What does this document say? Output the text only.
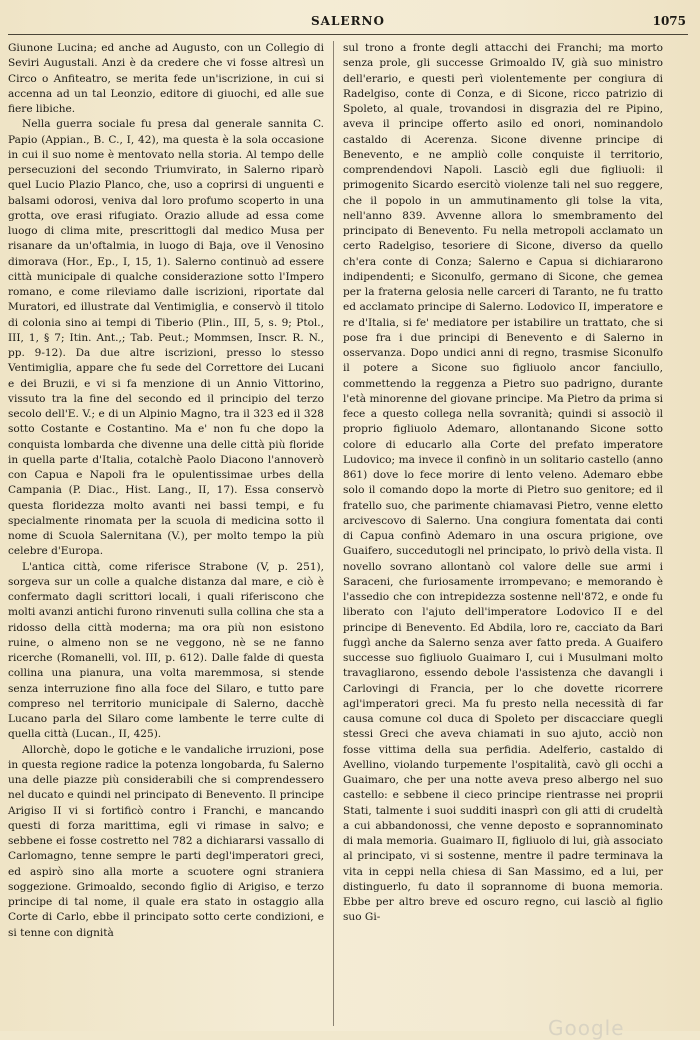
SALERNO	1075

Giunone Lucina; ed anche ad Augusto, con un Collegio di Seviri Augustali. Anzi è da credere che vi fosse altresì un Circo o Anfiteatro, se merita fede un'iscrizione, in cui si accenna ad un tal Leonzio, editore di giuochi, ed alle sue fiere libiche.

Nella guerra sociale fu presa dal generale sannita C. Papio (Appian., B. C., I, 42), ma questa è la sola occasione in cui il suo nome è mentovato nella storia. Al tempo delle persecuzioni del secondo Triumvirato, in Salerno riparò quel Lucio Plazio Planco, che, uso a coprirsi di unguenti e balsami odorosi, veniva dal loro profumo scoperto in una grotta, ove erasi rifugiato. Orazio allude ad essa come luogo di clima mite, prescrittogli dal medico Musa per risanare da un'oftalmia, in luogo di Baja, ove il Venosino dimorava (Hor., Ep., I, 15, 1). Salerno continuò ad essere città municipale di qualche considerazione sotto l'Impero romano, e come rileviamo dalle iscrizioni, riportate dal Muratori, ed illustrate dal Ventimiglia, e conservò il titolo di colonia sino ai tempi di Tiberio (Plin., III, 5, s. 9; Ptol., III, 1, § 7; Itin. Ant.,; Tab. Peut.; Mommsen, Inscr. R. N., pp. 9-12). Da due altre iscrizioni, presso lo stesso Ventimiglia, appare che fu sede del Correttore dei Lucani e dei Bruzii, e vi si fa menzione di un Annio Vittorino, vissuto tra la fine del secondo ed il principio del terzo secolo dell'E. V.; e di un Alpinio Magno, tra il 323 ed il 328 sotto Costante e Costantino. Ma e' non fu che dopo la conquista lombarda che divenne una delle città più floride in quella parte d'Italia, cotalchè Paolo Diacono l'annoverò con Capua e Napoli fra le opulentissimae urbes della Campania (P. Diac., Hist. Lang., II, 17). Essa conservò questa floridezza molto avanti nei bassi tempi, e fu specialmente rinomata per la scuola di medicina sotto il nome di Scuola Salernitana (V.), per molto tempo la più celebre d'Europa.

L'antica città, come riferisce Strabone (V, p. 251), sorgeva sur un colle a qualche distanza dal mare, e ciò è confermato dagli scrittori locali, i quali riferiscono che molti avanzi antichi furono rinvenuti sulla collina che sta a ridosso della città moderna; ma ora più non esistono ruine, o almeno non se ne veggono, nè se ne fanno ricerche (Romanelli, vol. III, p. 612). Dalle falde di questa collina una pianura, una volta maremmosa, si stende senza interruzione fino alla foce del Silaro, e tutto pare compreso nel territorio municipale di Salerno, dacchè Lucano parla del Silaro come lambente le terre culte di quella città (Lucan., II, 425).

Allorchè, dopo le gotiche e le vandaliche irruzioni, pose in questa regione radice la potenza longobarda, fu Salerno una delle piazze più considerabili che si comprendessero nel ducato e quindi nel principato di Benevento. Il principe Arigiso II vi si fortificò contro i Franchi, e mancando questi di forza marittima, egli vi rimase in salvo; e sebbene ei fosse costretto nel 782 a dichiararsi vassallo di Carlomagno, tenne sempre le parti degl'imperatori greci, ed aspirò sino alla morte a scuotere ogni straniera soggezione. Grimoaldo, secondo figlio di Arigiso, e terzo principe di tal nome, il quale era stato in ostaggio alla Corte di Carlo, ebbe il principato sotto certe condizioni, e si tenne con dignità

sul trono a fronte degli attacchi dei Franchi; ma morto senza prole, gli successe Grimoaldo IV, già suo ministro dell'erario, e questi perì violentemente per congiura di Radelgiso, conte di Conza, e di Sicone, ricco patrizio di Spoleto, al quale, trovandosi in disgrazia del re Pipino, aveva il principe offerto asilo ed onori, nominandolo castaldo di Acerenza. Sicone divenne principe di Benevento, e ne ampliò colle conquiste il territorio, comprendendovi Napoli. Lasciò egli due figliuoli: il primogenito Sicardo esercitò violenze tali nel suo reggere, che il popolo in un ammutinamento gli tolse la vita, nell'anno 839. Avvenne allora lo smembramento del principato di Benevento. Fu nella metropoli acclamato un certo Radelgiso, tesoriere di Sicone, diverso da quello ch'era conte di Conza; Salerno e Capua si dichiararono indipendenti; e Siconulfo, germano di Sicone, che gemea per la fraterna gelosia nelle carceri di Taranto, ne fu tratto ed acclamato principe di Salerno. Lodovico II, imperatore e re d'Italia, si fe' mediatore per istabilire un trattato, che si pose fra i due principi di Benevento e di Salerno in osservanza. Dopo undici anni di regno, trasmise Siconulfo il potere a Sicone suo figliuolo ancor fanciullo, commettendo la reggenza a Pietro suo padrigno, durante l'età minorenne del giovane principe. Ma Pietro da prima si fece a questo collega nella sovranità; quindi si associò il proprio figliuolo Ademaro, allontanando Sicone sotto colore di educarlo alla Corte del prefato imperatore Ludovico; ma invece il confinò in un solitario castello (anno 861) dove lo fece morire di lento veleno. Ademaro ebbe solo il comando dopo la morte di Pietro suo genitore; ed il fratello suo, che parimente chiamavasi Pietro, venne eletto arcivescovo di Salerno. Una congiura fomentata dai conti di Capua confinò Ademaro in una oscura prigione, ove Guaifero, succedutogli nel principato, lo privò della vista. Il novello sovrano allontanò col valore delle sue armi i Saraceni, che furiosamente irrompevano; e memorando è l'assedio che con intrepidezza sostenne nell'872, e onde fu liberato con l'ajuto dell'imperatore Lodovico II e del principe di Benevento. Ed Abdila, loro re, cacciato da Bari fuggì anche da Salerno senza aver fatto preda. A Guaifero successe suo figliuolo Guaimaro I, cui i Musulmani molto travagliarono, essendo debole l'assistenza che davangli i Carlovingi di Francia, per lo che dovette ricorrere agl'imperatori greci. Ma fu presto nella necessità di far causa comune col duca di Spoleto per discacciare quegli stessi Greci che aveva chiamati in suo ajuto, acciò non fosse vittima della sua perfidia. Adelferio, castaldo di Avellino, violando turpemente l'ospitalità, cavò gli occhi a Guaimaro, che per una notte aveva preso albergo nel suo castello: e sebbene il cieco principe rientrasse nei proprii Stati, talmente i suoi sudditi inasprì con gli atti di crudeltà a cui abbandonossi, che venne deposto e soprannominato di mala memoria. Guaimaro II, figliuolo di lui, già associato al principato, vi si sostenne, mentre il padre terminava la vita in ceppi nella chiesa di San Massimo, ed a lui, per distinguerlo, fu dato il soprannome di buona memoria. Ebbe per altro breve ed oscuro regno, cui lasciò al figlio suo Gi-

Google
